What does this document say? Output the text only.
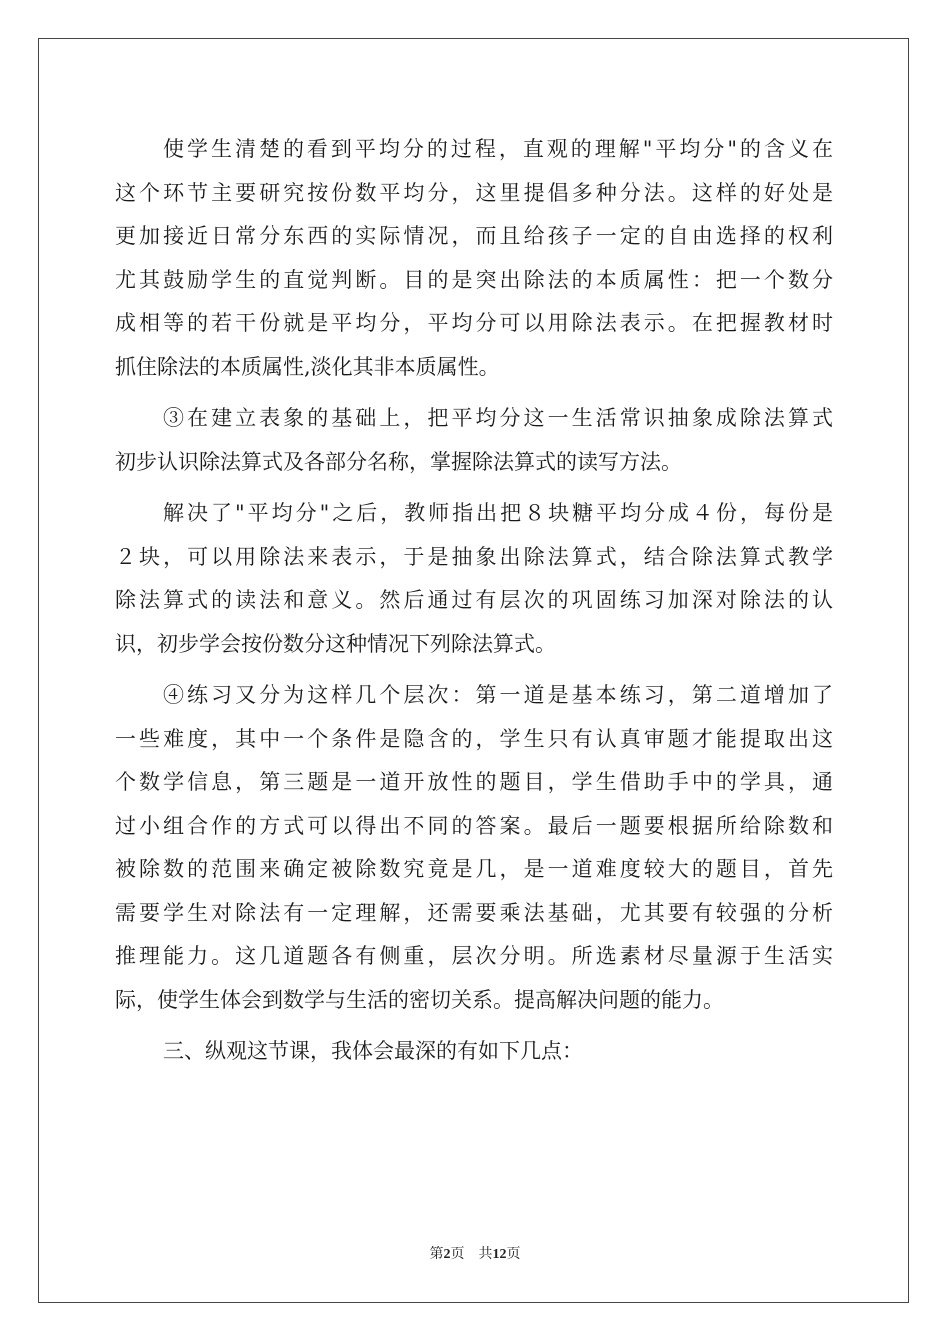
使学生清楚的看到平均分的过程，直观的理解"平均分"的含义在
这个环节主要研究按份数平均分，这里提倡多种分法。这样的好处是
更加接近日常分东西的实际情况，而且给孩子一定的自由选择的权利
尤其鼓励学生的直觉判断。目的是突出除法的本质属性：把一个数分
成相等的若干份就是平均分，平均分可以用除法表示。在把握教材时
抓住除法的本质属性,淡化其非本质属性。
③在建立表象的基础上，把平均分这一生活常识抽象成除法算式
初步认识除法算式及各部分名称，掌握除法算式的读写方法。
解决了"平均分"之后，教师指出把８块糖平均分成４份，每份是
２块，可以用除法来表示，于是抽象出除法算式，结合除法算式教学
除法算式的读法和意义。然后通过有层次的巩固练习加深对除法的认
识，初步学会按份数分这种情况下列除法算式。
④练习又分为这样几个层次：第一道是基本练习，第二道增加了
一些难度，其中一个条件是隐含的，学生只有认真审题才能提取出这
个数学信息，第三题是一道开放性的题目，学生借助手中的学具，通
过小组合作的方式可以得出不同的答案。最后一题要根据所给除数和
被除数的范围来确定被除数究竟是几，是一道难度较大的题目，首先
需要学生对除法有一定理解，还需要乘法基础，尤其要有较强的分析
推理能力。这几道题各有侧重，层次分明。所选素材尽量源于生活实
际，使学生体会到数学与生活的密切关系。提高解决问题的能力。
三、纵观这节课，我体会最深的有如下几点：
第2页　共12页
